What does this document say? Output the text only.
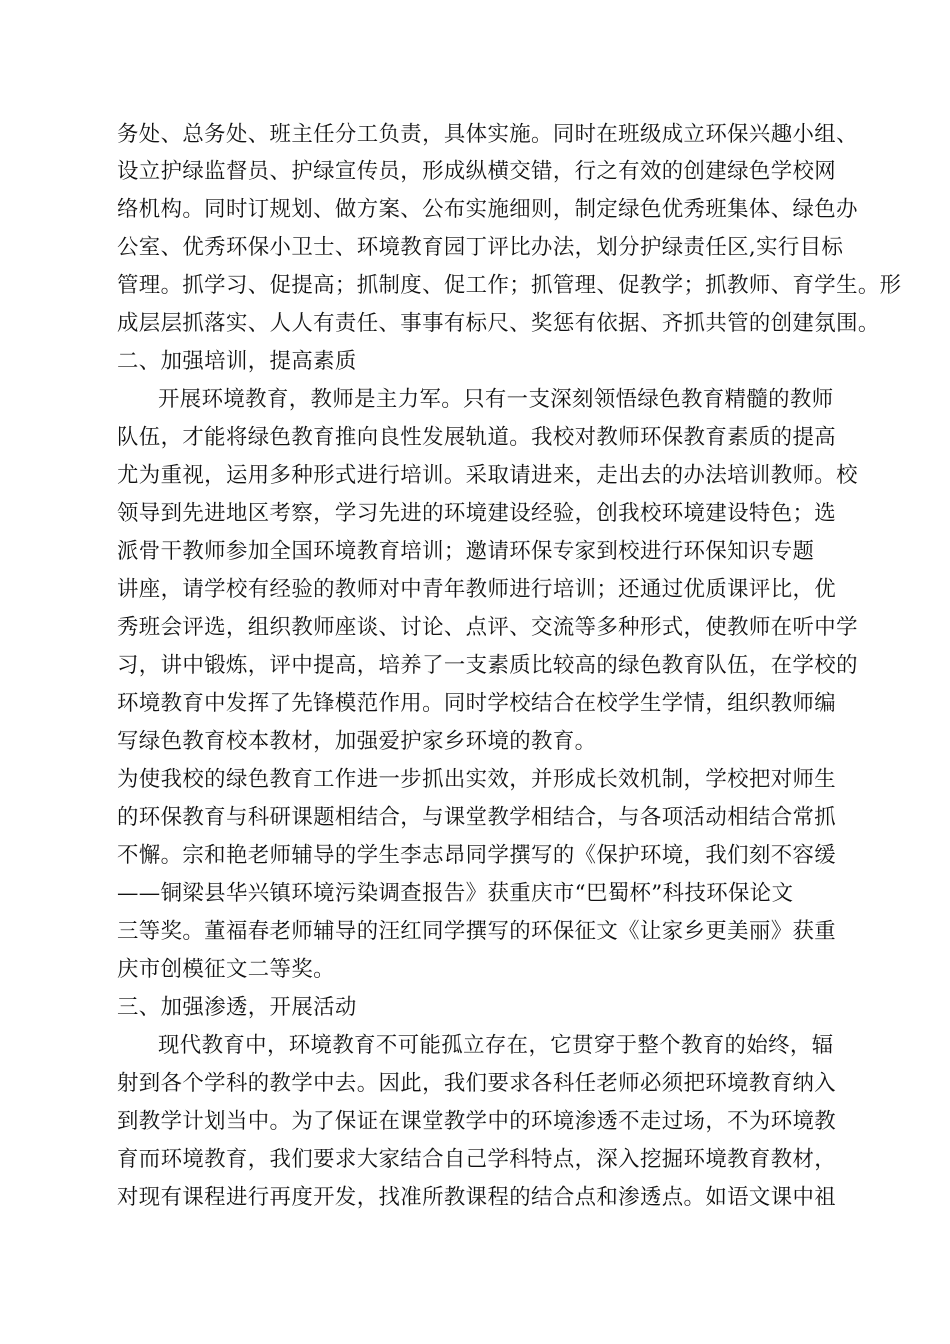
务处、总务处、班主任分工负责，具体实施。同时在班级成立环保兴趣小组、
设立护绿监督员、护绿宣传员，形成纵横交错，行之有效的创建绿色学校网
络机构。同时订规划、做方案、公布实施细则，制定绿色优秀班集体、绿色办
公室、优秀环保小卫士、环境教育园丁评比办法，划分护绿责任区,实行目标
管理。抓学习、促提高；抓制度、促工作；抓管理、促教学；抓教师、育学生。形
成层层抓落实、人人有责任、事事有标尺、奖惩有依据、齐抓共管的创建氛围。
二、加强培训，提高素质
开展环境教育，教师是主力军。只有一支深刻领悟绿色教育精髓的教师
队伍，才能将绿色教育推向良性发展轨道。我校对教师环保教育素质的提高
尤为重视，运用多种形式进行培训。采取请进来，走出去的办法培训教师。校
领导到先进地区考察，学习先进的环境建设经验，创我校环境建设特色；选
派骨干教师参加全国环境教育培训；邀请环保专家到校进行环保知识专题
讲座，请学校有经验的教师对中青年教师进行培训；还通过优质课评比，优
秀班会评选，组织教师座谈、讨论、点评、交流等多种形式，使教师在听中学
习，讲中锻炼，评中提高，培养了一支素质比较高的绿色教育队伍，在学校的
环境教育中发挥了先锋模范作用。同时学校结合在校学生学情，组织教师编
写绿色教育校本教材，加强爱护家乡环境的教育。
为使我校的绿色教育工作进一步抓出实效，并形成长效机制，学校把对师生
的环保教育与科研课题相结合，与课堂教学相结合，与各项活动相结合常抓
不懈。宗和艳老师辅导的学生李志昂同学撰写的《保护环境，我们刻不容缓
——铜梁县华兴镇环境污染调查报告》获重庆市“巴蜀杯”科技环保论文
三等奖。董福春老师辅导的汪红同学撰写的环保征文《让家乡更美丽》获重
庆市创模征文二等奖。
三、加强渗透，开展活动
现代教育中，环境教育不可能孤立存在，它贯穿于整个教育的始终，辐
射到各个学科的教学中去。因此，我们要求各科任老师必须把环境教育纳入
到教学计划当中。为了保证在课堂教学中的环境渗透不走过场，不为环境教
育而环境教育，我们要求大家结合自己学科特点，深入挖掘环境教育教材，
对现有课程进行再度开发，找准所教课程的结合点和渗透点。如语文课中祖
